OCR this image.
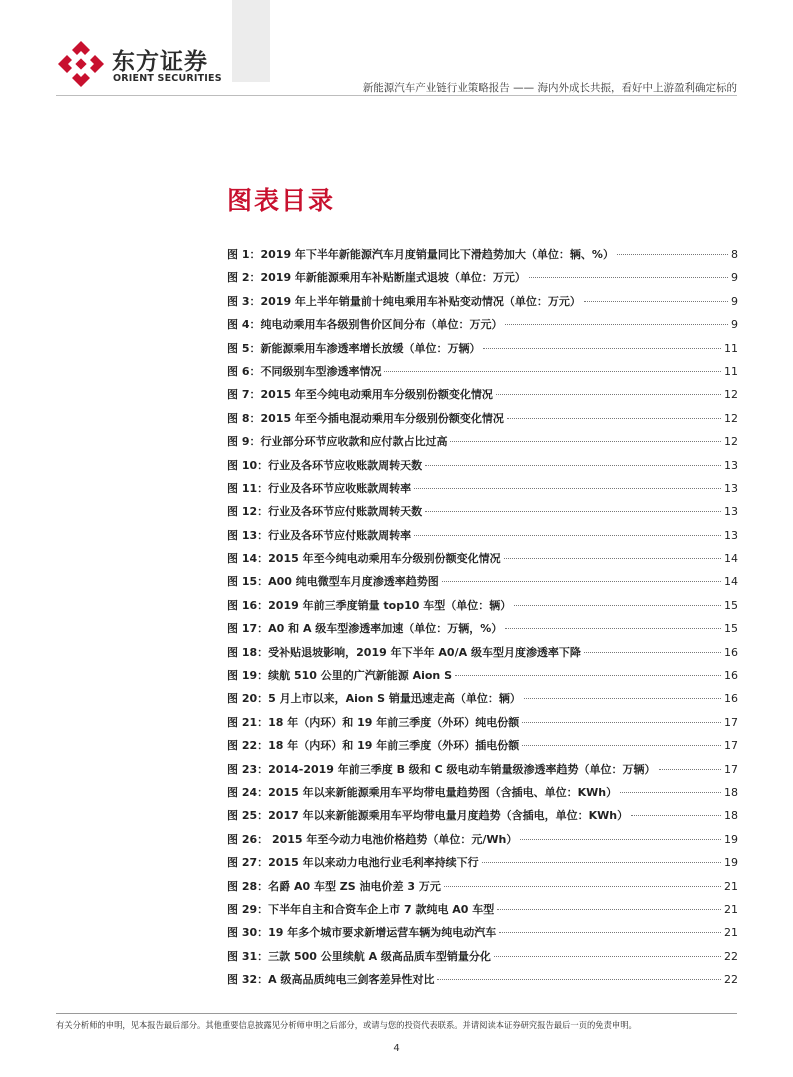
东方证券
ORIENT SECURITIES
新能源汽车产业链行业策略报告 —— 海内外成长共振，看好中上游盈利确定标的
图表目录
图 1：2019 年下半年新能源汽车月度销量同比下滑趋势加大（单位：辆、%）	8
图 2：2019 年新能源乘用车补贴断崖式退坡（单位：万元）	9
图 3：2019 年上半年销量前十纯电乘用车补贴变动情况（单位：万元）	9
图 4：纯电动乘用车各级别售价区间分布（单位：万元）	9
图 5：新能源乘用车渗透率增长放缓（单位：万辆）	11
图 6：不同级别车型渗透率情况	11
图 7：2015 年至今纯电动乘用车分级别份额变化情况	12
图 8：2015 年至今插电混动乘用车分级别份额变化情况	12
图 9：行业部分环节应收款和应付款占比过高	12
图 10：行业及各环节应收账款周转天数	13
图 11：行业及各环节应收账款周转率	13
图 12：行业及各环节应付账款周转天数	13
图 13：行业及各环节应付账款周转率	13
图 14：2015 年至今纯电动乘用车分级别份额变化情况	14
图 15：A00 纯电微型车月度渗透率趋势图	14
图 16：2019 年前三季度销量 top10 车型（单位：辆）	15
图 17：A0 和 A 级车型渗透率加速（单位：万辆，%）	15
图 18：受补贴退坡影响，2019 年下半年 A0/A 级车型月度渗透率下降	16
图 19：续航 510 公里的广汽新能源 Aion S	16
图 20：5 月上市以来，Aion S 销量迅速走高（单位：辆）	16
图 21：18 年（内环）和 19 年前三季度（外环）纯电份额	17
图 22：18 年（内环）和 19 年前三季度（外环）插电份额	17
图 23：2014-2019 年前三季度 B 级和 C 级电动车销量级渗透率趋势（单位：万辆）	17
图 24：2015 年以来新能源乘用车平均带电量趋势图（含插电、单位：KWh）	18
图 25：2017 年以来新能源乘用车平均带电量月度趋势（含插电，单位：KWh）	18
图 26： 2015 年至今动力电池价格趋势（单位：元/Wh）	19
图 27：2015 年以来动力电池行业毛利率持续下行	19
图 28：名爵 A0 车型 ZS 油电价差 3 万元	21
图 29：下半年自主和合资车企上市 7 款纯电 A0 车型	21
图 30：19 年多个城市要求新增运营车辆为纯电动汽车	21
图 31：三款 500 公里续航 A 级高品质车型销量分化	22
图 32：A 级高品质纯电三剑客差异性对比	22
有关分析师的申明，见本报告最后部分。其他重要信息披露见分析师申明之后部分，或请与您的投资代表联系。并请阅读本证券研究报告最后一页的免责申明。
4
